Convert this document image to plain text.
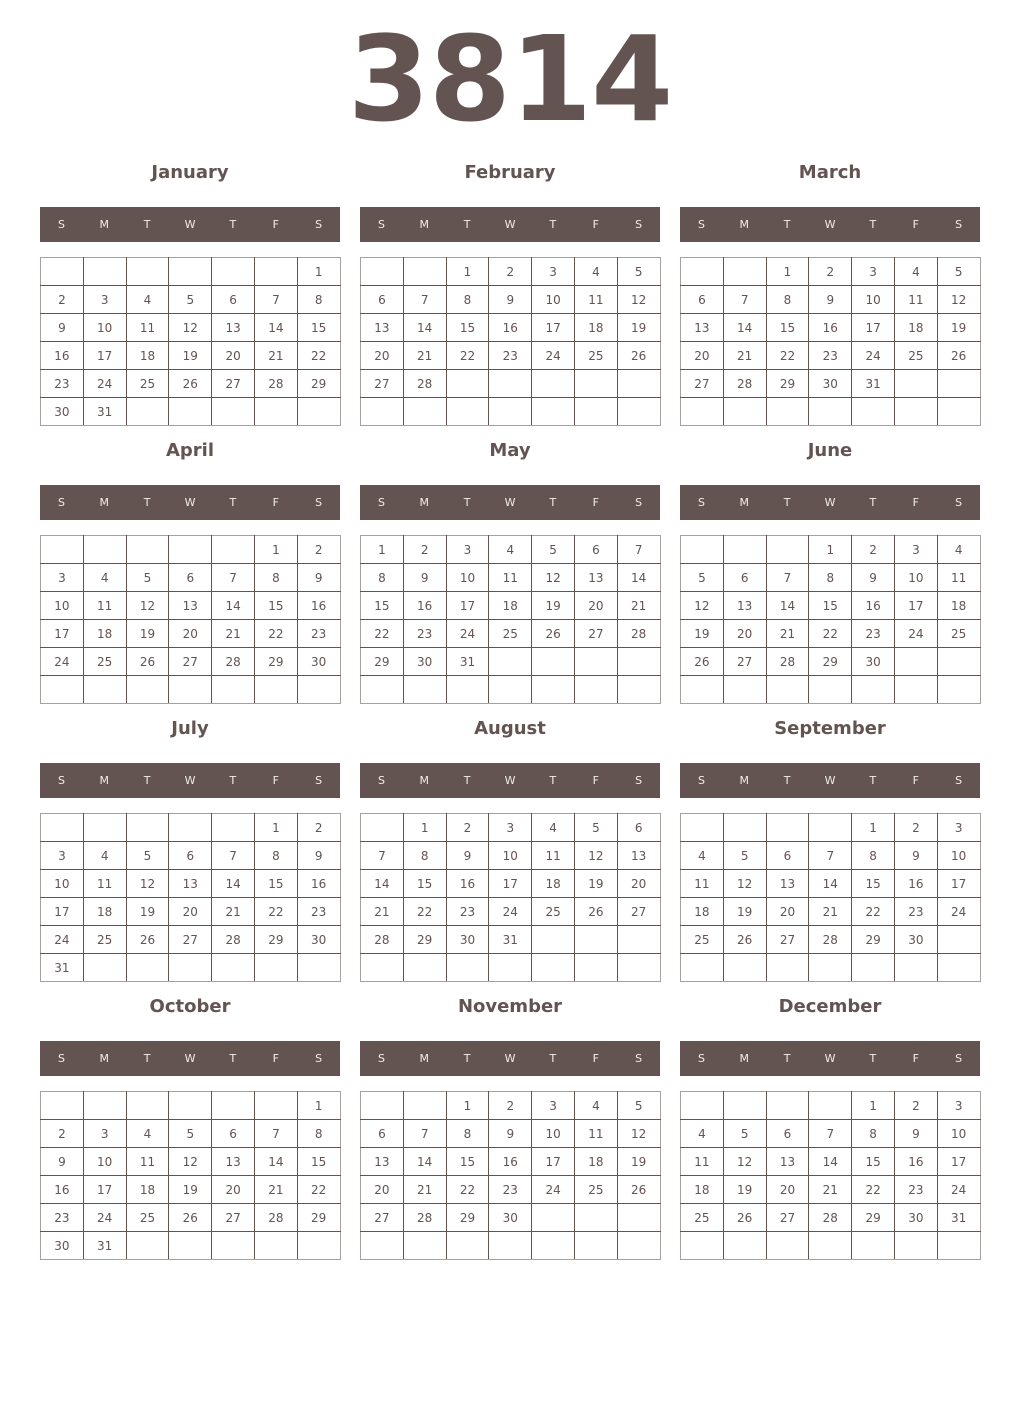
3814
January
S	M	T	W	T	F	S
						1
2	3	4	5	6	7	8
9	10	11	12	13	14	15
16	17	18	19	20	21	22
23	24	25	26	27	28	29
30	31					
February
S	M	T	W	T	F	S
		1	2	3	4	5
6	7	8	9	10	11	12
13	14	15	16	17	18	19
20	21	22	23	24	25	26
27	28					

March
S	M	T	W	T	F	S
		1	2	3	4	5
6	7	8	9	10	11	12
13	14	15	16	17	18	19
20	21	22	23	24	25	26
27	28	29	30	31		

April
S	M	T	W	T	F	S
					1	2
3	4	5	6	7	8	9
10	11	12	13	14	15	16
17	18	19	20	21	22	23
24	25	26	27	28	29	30

May
S	M	T	W	T	F	S
1	2	3	4	5	6	7
8	9	10	11	12	13	14
15	16	17	18	19	20	21
22	23	24	25	26	27	28
29	30	31				

June
S	M	T	W	T	F	S
			1	2	3	4
5	6	7	8	9	10	11
12	13	14	15	16	17	18
19	20	21	22	23	24	25
26	27	28	29	30		

July
S	M	T	W	T	F	S
					1	2
3	4	5	6	7	8	9
10	11	12	13	14	15	16
17	18	19	20	21	22	23
24	25	26	27	28	29	30
31						
August
S	M	T	W	T	F	S
	1	2	3	4	5	6
7	8	9	10	11	12	13
14	15	16	17	18	19	20
21	22	23	24	25	26	27
28	29	30	31			

September
S	M	T	W	T	F	S
				1	2	3
4	5	6	7	8	9	10
11	12	13	14	15	16	17
18	19	20	21	22	23	24
25	26	27	28	29	30	

October
S	M	T	W	T	F	S
						1
2	3	4	5	6	7	8
9	10	11	12	13	14	15
16	17	18	19	20	21	22
23	24	25	26	27	28	29
30	31					
November
S	M	T	W	T	F	S
		1	2	3	4	5
6	7	8	9	10	11	12
13	14	15	16	17	18	19
20	21	22	23	24	25	26
27	28	29	30			

December
S	M	T	W	T	F	S
				1	2	3
4	5	6	7	8	9	10
11	12	13	14	15	16	17
18	19	20	21	22	23	24
25	26	27	28	29	30	31
